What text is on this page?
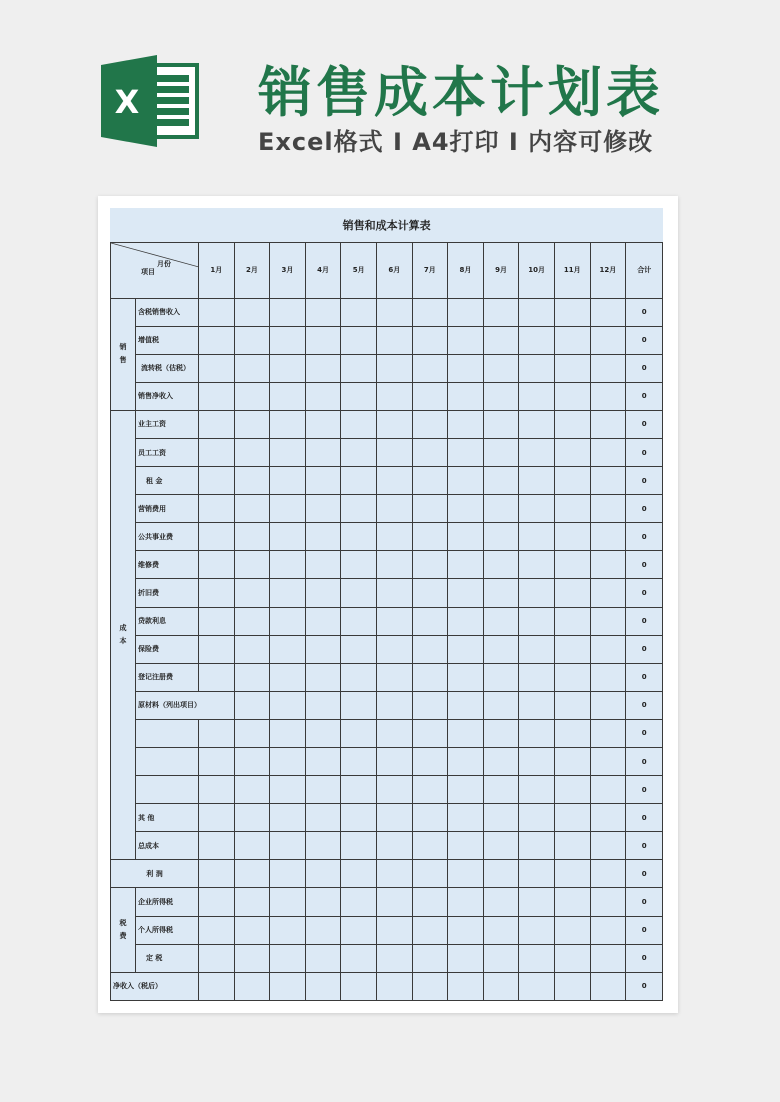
X 销售成本计划表
Excel格式 I A4打印 I 内容可修改
销售和成本计算表														

月份
项目		1月	2月	3月	4月	5月	6月	7月	8月	9月	10月	11月	12月	合计
销
售	含税销售收入													0
	增值税													0
	流转税（估税）													0
	销售净收入													0
成
本	业主工资													0
	员工工资													0
	租 金													0
	营销费用													0
	公共事业费													0
	维修费													0
	折旧费													0
	贷款利息													0
	保险费													0
	登记注册费													0
	原材料（列出项目）													0
														0
														0
														0
	其 他													0
	总成本													0
利 润														0
税
费	企业所得税													0
	个人所得税													0
	定 税													0
净收入（税后）														0
